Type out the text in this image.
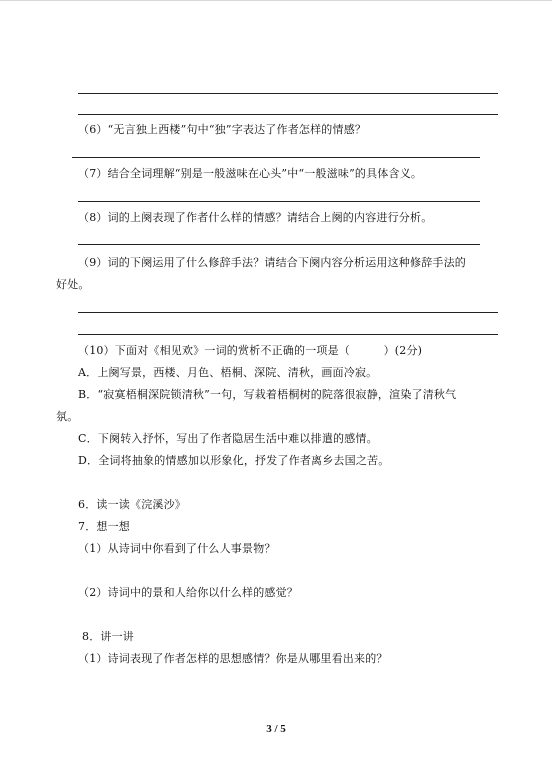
（6）“无言独上西楼”句中“独”字表达了作者怎样的情感？
（7）结合全词理解“别是一般滋味在心头”中“一般滋味”的具体含义。
（8）词的上阕表现了作者什么样的情感？请结合上阕的内容进行分析。
（9）词的下阕运用了什么修辞手法？请结合下阕内容分析运用这种修辞手法的
好处。
（10）下面对《相见欢》一词的赏析不正确的一项是（　　　）(2分)
A．上阕写景，西楼、月色、梧桐、深院、清秋，画面冷寂。
B．“寂寞梧桐深院锁清秋”一句，写栽着梧桐树的院落很寂静，渲染了清秋气
氛。
C．下阕转入抒怀，写出了作者隐居生活中难以排遣的感情。
D．全词将抽象的情感加以形象化，抒发了作者离乡去国之苦。
6．读一读《浣溪沙》
7．想一想
（1）从诗词中你看到了什么人事景物？
（2）诗词中的景和人给你以什么样的感觉？
8．讲一讲
（1）诗词表现了作者怎样的思想感情？你是从哪里看出来的？
3 / 5
